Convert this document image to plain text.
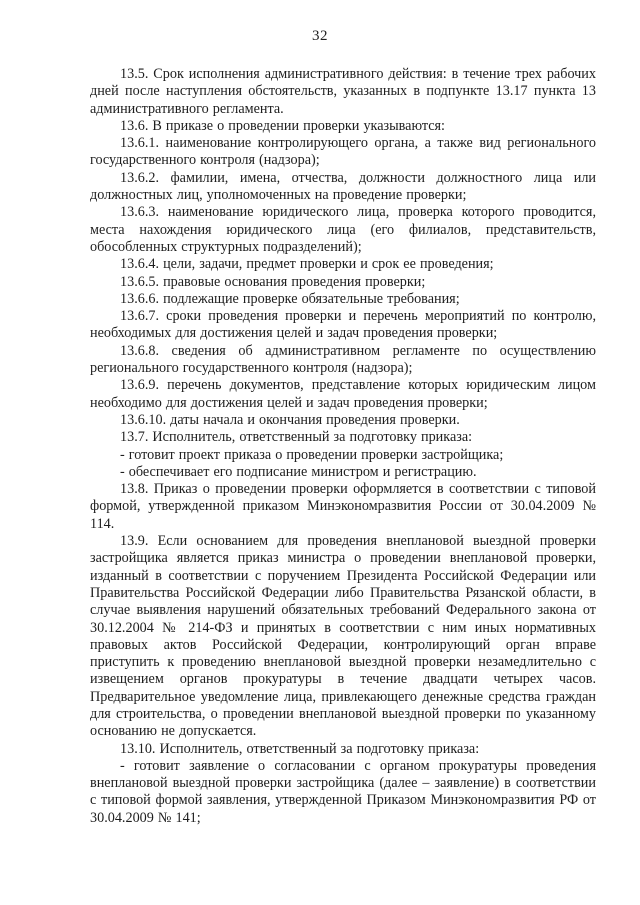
32

13.5. Срок исполнения административного действия: в течение трех рабочих дней после наступления обстоятельств, указанных в подпункте 13.17 пункта 13 административного регламента.

13.6. В приказе о проведении проверки указываются:

13.6.1. наименование контролирующего органа, а также вид регионального государственного контроля (надзора);

13.6.2. фамилии, имена, отчества, должности должностного лица или должностных лиц, уполномоченных на проведение проверки;

13.6.3. наименование юридического лица, проверка которого проводится, места нахождения юридического лица (его филиалов, представительств, обособленных структурных подразделений);

13.6.4. цели, задачи, предмет проверки и срок ее проведения;

13.6.5. правовые основания проведения проверки;

13.6.6. подлежащие проверке обязательные требования;

13.6.7. сроки проведения проверки и перечень мероприятий по контролю, необходимых для достижения целей и задач проведения проверки;

13.6.8. сведения об административном регламенте по осуществлению регионального государственного контроля (надзора);

13.6.9. перечень документов, представление которых юридическим лицом необходимо для достижения целей и задач проведения проверки;

13.6.10. даты начала и окончания проведения проверки.

13.7. Исполнитель, ответственный за подготовку приказа:

- готовит проект приказа о проведении проверки застройщика;

- обеспечивает его подписание министром и регистрацию.

13.8. Приказ о проведении проверки оформляется в соответствии с типовой формой, утвержденной приказом Минэкономразвития России от 30.04.2009 № 114.

13.9. Если основанием для проведения внеплановой выездной проверки застройщика является приказ министра о проведении внеплановой проверки, изданный в соответствии с поручением Президента Российской Федерации или Правительства Российской Федерации либо Правительства Рязанской области, в случае выявления нарушений обязательных требований Федерального закона от 30.12.2004 № 214-ФЗ и принятых в соответствии с ним иных нормативных правовых актов Российской Федерации, контролирующий орган вправе приступить к проведению внеплановой выездной проверки незамедлительно с извещением органов прокуратуры в течение двадцати четырех часов. Предварительное уведомление лица, привлекающего денежные средства граждан для строительства, о проведении внеплановой выездной проверки по указанному основанию не допускается.

13.10. Исполнитель, ответственный за подготовку приказа:

- готовит заявление о согласовании с органом прокуратуры проведения внеплановой выездной проверки застройщика (далее – заявление) в соответствии с типовой формой заявления, утвержденной Приказом Минэкономразвития РФ от 30.04.2009 № 141;
